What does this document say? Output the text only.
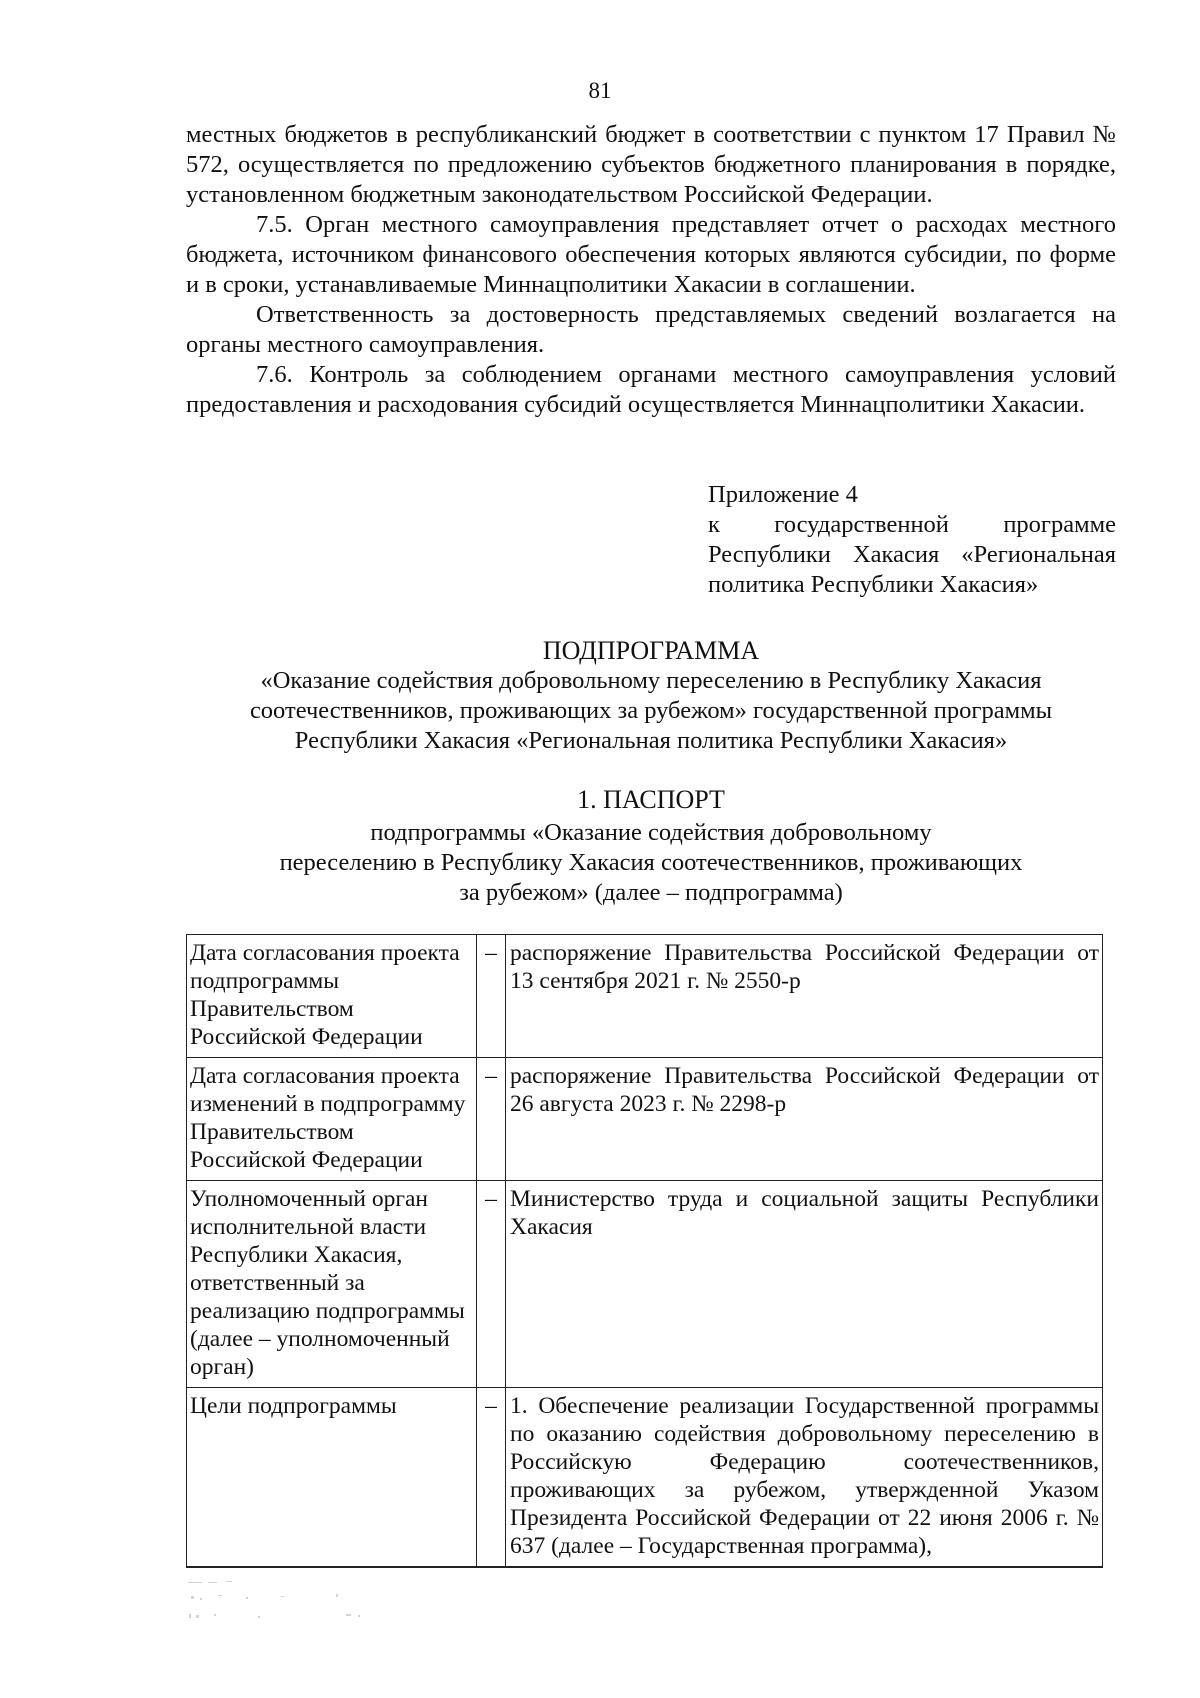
81

местных бюджетов в республиканский бюджет в соответствии с пунктом 17 Правил № 572, осуществляется по предложению субъектов бюджетного планирования в порядке, установленном бюджетным законодательством Российской Федерации.

7.5. Орган местного самоуправления представляет отчет о расходах местного бюджета, источником финансового обеспечения которых являются субсидии, по форме и в сроки, устанавливаемые Миннацполитики Хакасии в соглашении.

Ответственность за достоверность представляемых сведений возлагается на органы местного самоуправления.

7.6. Контроль за соблюдением органами местного самоуправления условий предоставления и расходования субсидий осуществляется Миннацполитики Хакасии.

Приложение 4
к государственной программе
Республики Хакасия «Региональная
политика Республики Хакасия»
ПОДПРОГРАММА
«Оказание содействия добровольному переселению в Республику Хакасия
соотечественников, проживающих за рубежом» государственной программы
Республики Хакасия «Региональная политика Республики Хакасия»
1. ПАСПОРТ
подпрограммы «Оказание содействия добровольному
переселению в Республику Хакасия соотечественников, проживающих
за рубежом» (далее – подпрограмма)
Дата согласования проекта подпрограммы Правительством Российской Федерации	–	распоряжение Правительства Российской Федерации от 13 сентября 2021 г. № 2550-р
Дата согласования проекта изменений в подпрограмму Правительством Российской Федерации	–	распоряжение Правительства Российской Федерации от 26 августа 2023 г. № 2298-р
Уполномоченный орган исполнительной власти Республики Хакасия, ответственный за реализацию подпрограммы (далее – уполномоченный орган)	–	Министерство труда и социальной защиты Республики Хакасия
Цели подпрограммы	–	1. Обеспечение реализации Государственной программы по оказанию содействия добровольному переселению в Российскую Федерацию соотечественников, проживающих за рубежом, утвержденной Указом Президента Российской Федерации от 22 июня 2006 г. № 637 (далее – Государственная программа),
